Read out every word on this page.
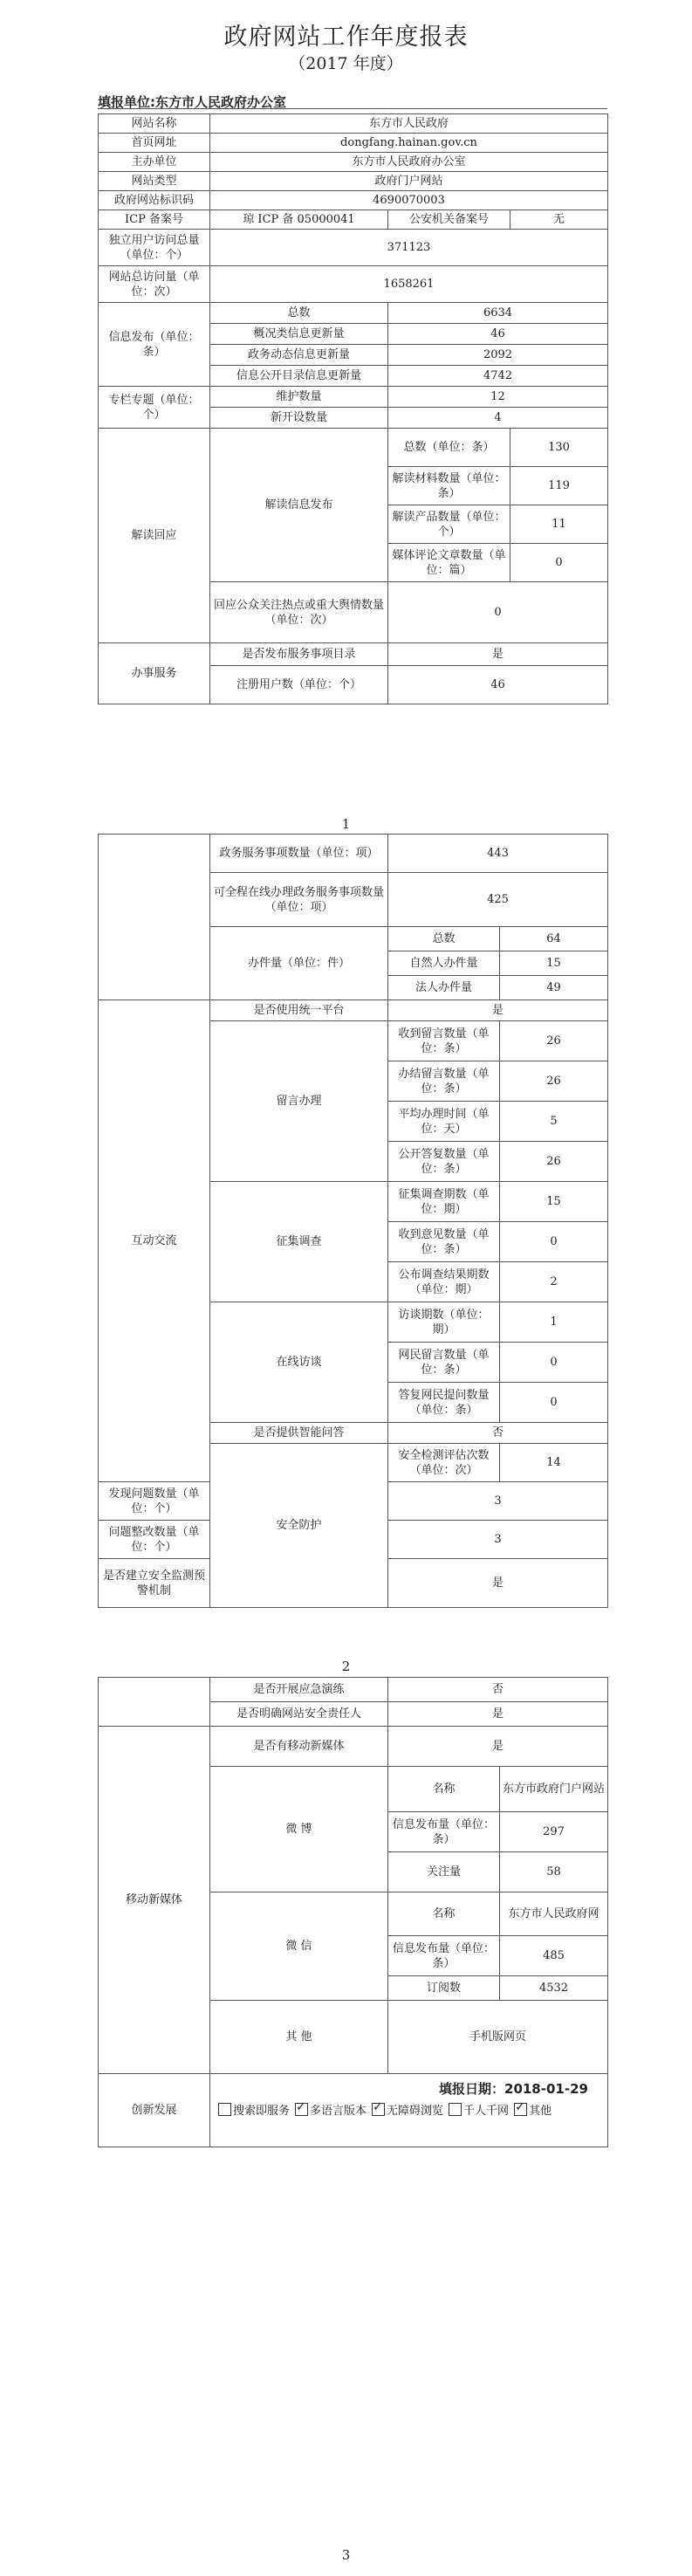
政府网站工作年度报表
（2017 年度）
填报单位:东方市人民政府办公室
网站名称	东方市人民政府		
首页网址	dongfang.hainan.gov.cn		
主办单位	东方市人民政府办公室		
网站类型	政府门户网站		
政府网站标识码	4690070003		
ICP 备案号	琼 ICP 备 05000041	公安机关备案号	无
独立用户访问总量（单位：个）	371123		
网站总访问量（单位：次）	1658261		
信息发布（单位：条）	总数	6634	
	概况类信息更新量	46	
	政务动态信息更新量	2092	
	信息公开目录信息更新量	4742	
专栏专题（单位：个）	维护数量	12	
	新开设数量	4	
解读回应	解读信息发布	总数（单位：条）	130
		解读材料数量（单位：条）	119
		解读产品数量（单位：个）	11
		媒体评论文章数量（单位：篇）	0
	回应公众关注热点或重大舆情数量（单位：次）	0	
办事服务	是否发布服务事项目录	是	
	注册用户数（单位：个）	46	
1
	政务服务事项数量（单位：项）	443	
	可全程在线办理政务服务事项数量（单位：项）	425	
	办件量（单位：件）	总数	64
		自然人办件量	15
		法人办件量	49
互动交流	是否使用统一平台	是	
	留言办理	收到留言数量（单位：条）	26
		办结留言数量（单位：条）	26
		平均办理时间（单位：天）	5
		公开答复数量（单位：条）	26
	征集调查	征集调查期数（单位：期）	15
		收到意见数量（单位：条）	0
		公布调查结果期数（单位：期）	2
	在线访谈	访谈期数（单位：期）	1
		网民留言数量（单位：条）	0
		答复网民提问数量（单位：条）	0
	是否提供智能问答	否	
	安全防护	安全检测评估次数（单位：次）	14
发现问题数量（单位：个）		3	
问题整改数量（单位：个）		3	
是否建立安全监测预警机制		是	
2
	是否开展应急演练	否	
	是否明确网站安全责任人	是	
移动新媒体	是否有移动新媒体	是	
	微 博	名称	东方市政府门户网站
		信息发布量（单位：条）	297
		关注量	58
	微 信	名称	东方市人民政府网
		信息发布量（单位：条）	485
		订阅数	4532
	其 他	手机版网页	
创新发展	搜索即服务 ✓ 多语言版本 ✓ 无障碍浏览 千人千网 ✓ 其他
填报日期：2018-01-29
3
